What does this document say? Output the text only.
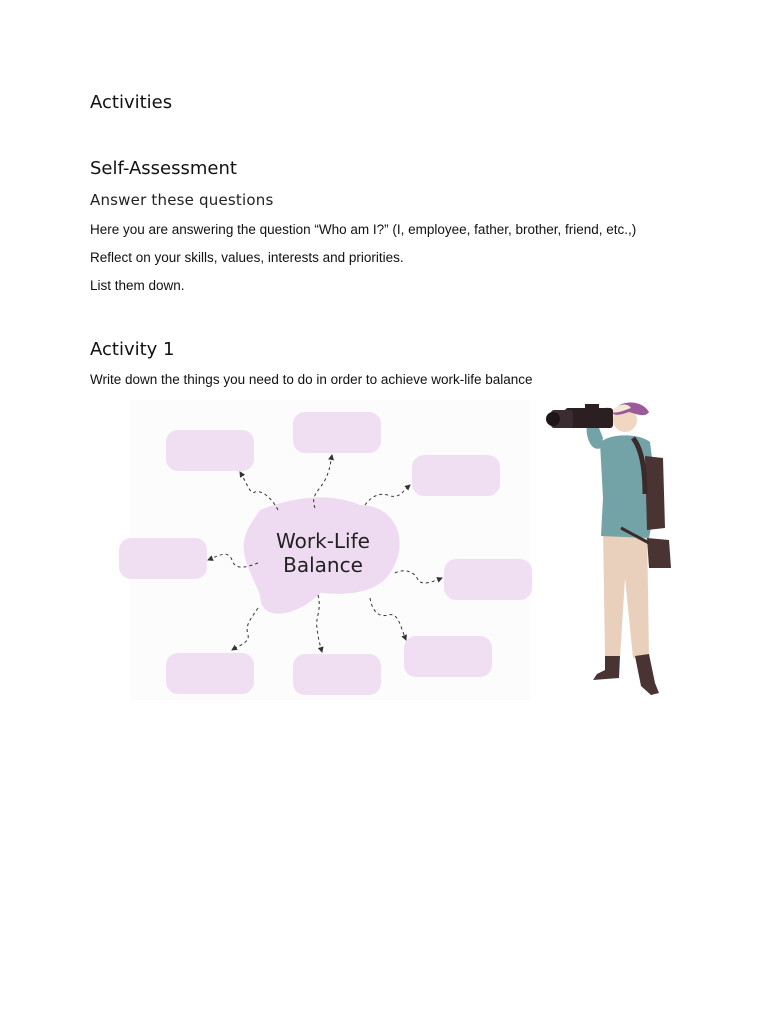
Activities
Self-Assessment
Answer these questions
Here you are answering the question “Who am I?” (I, employee, father, brother, friend, etc.,)
Reflect on your skills, values, interests and priorities.
List them down.
Activity 1
Write down the things you need to do in order to achieve work-life balance
Work-Life
Balance
